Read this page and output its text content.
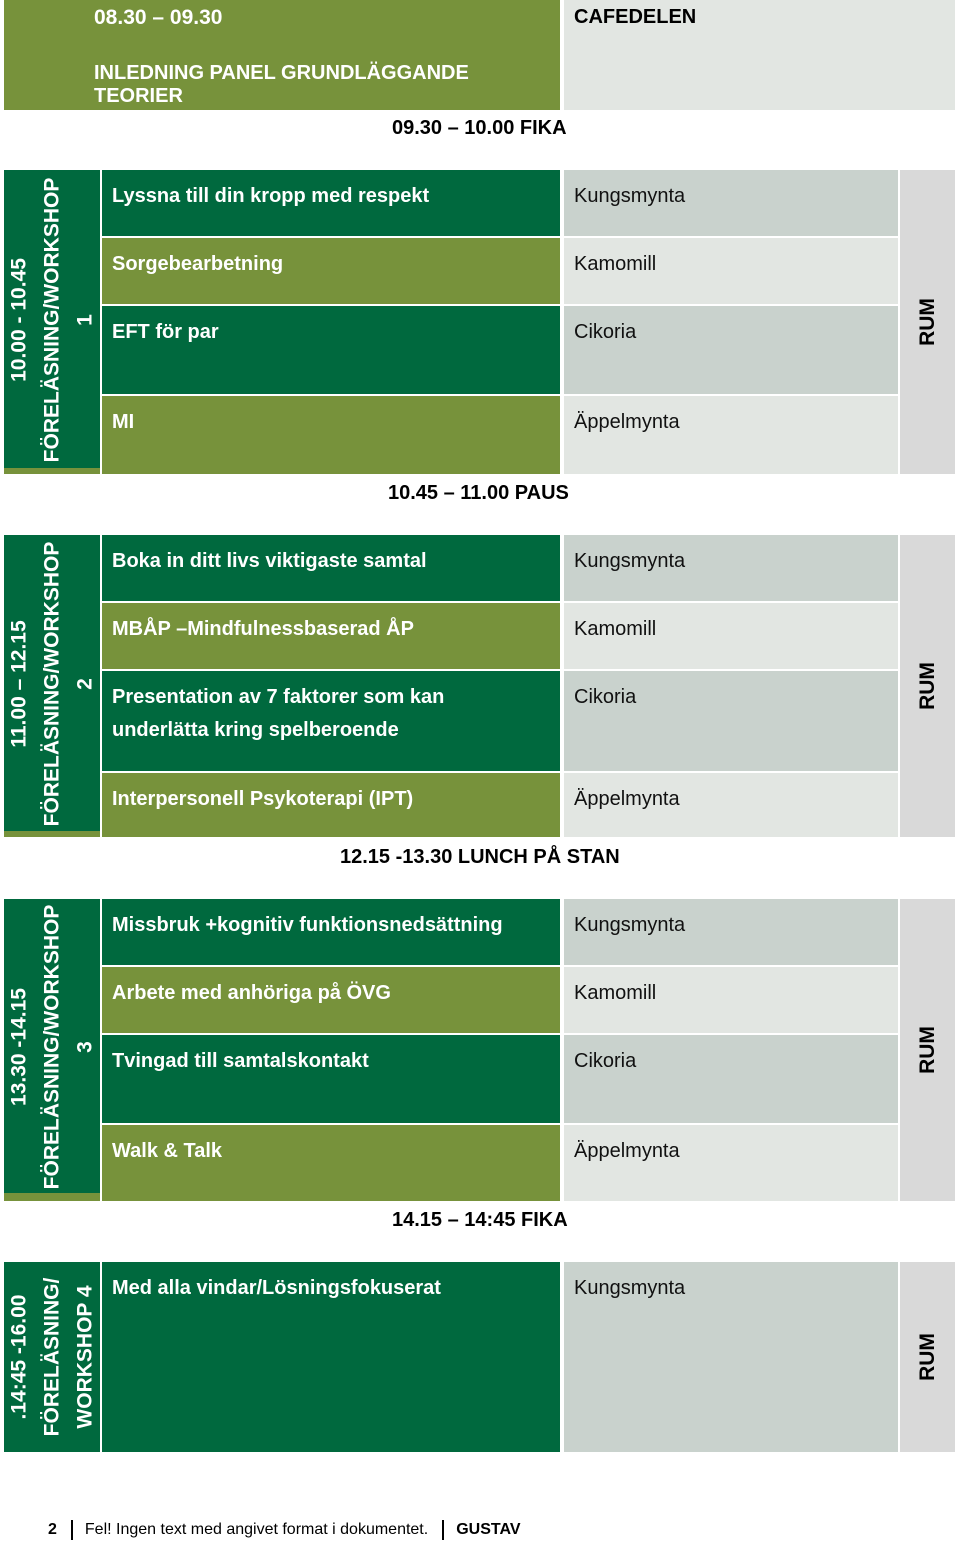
08.30 – 09.30
INLEDNING PANEL GRUNDLÄGGANDE TEORIER
CAFEDELEN
09.30 – 10.00 FIKA
10.00 - 10.45 FÖRELÄSNING/WORKSHOP 1
Lyssna till din kropp med respekt
Sorgebearbetning
EFT för par
MI
Kungsmynta
Kamomill
Cikoria
Äppelmynta
RUM
10.45 – 11.00 PAUS
11.00 – 12.15 FÖRELÄSNING/WORKSHOP 2
Boka in ditt livs viktigaste samtal
MBÅP –Mindfulnessbaserad ÅP
Presentation av 7 faktorer som kan
underlätta kring spelberoende
Interpersonell Psykoterapi (IPT)
Kungsmynta
Kamomill
Cikoria
Äppelmynta
RUM
12.15 -13.30 LUNCH PÅ STAN
13.30 -14.15 FÖRELÄSNING/WORKSHOP 3
Missbruk +kognitiv funktionsnedsättning
Arbete med anhöriga på ÖVG
Tvingad till samtalskontakt
Walk & Talk
Kungsmynta
Kamomill
Cikoria
Äppelmynta
RUM
14.15 – 14:45 FIKA
.14:45 -16.00 FÖRELÄSNING/ WORKSHOP 4 Med alla vindar/Lösningsfokuserat	Kungsmynta
RUM
2 Fel! Ingen text med angivet format i dokumentet. GUSTAV
